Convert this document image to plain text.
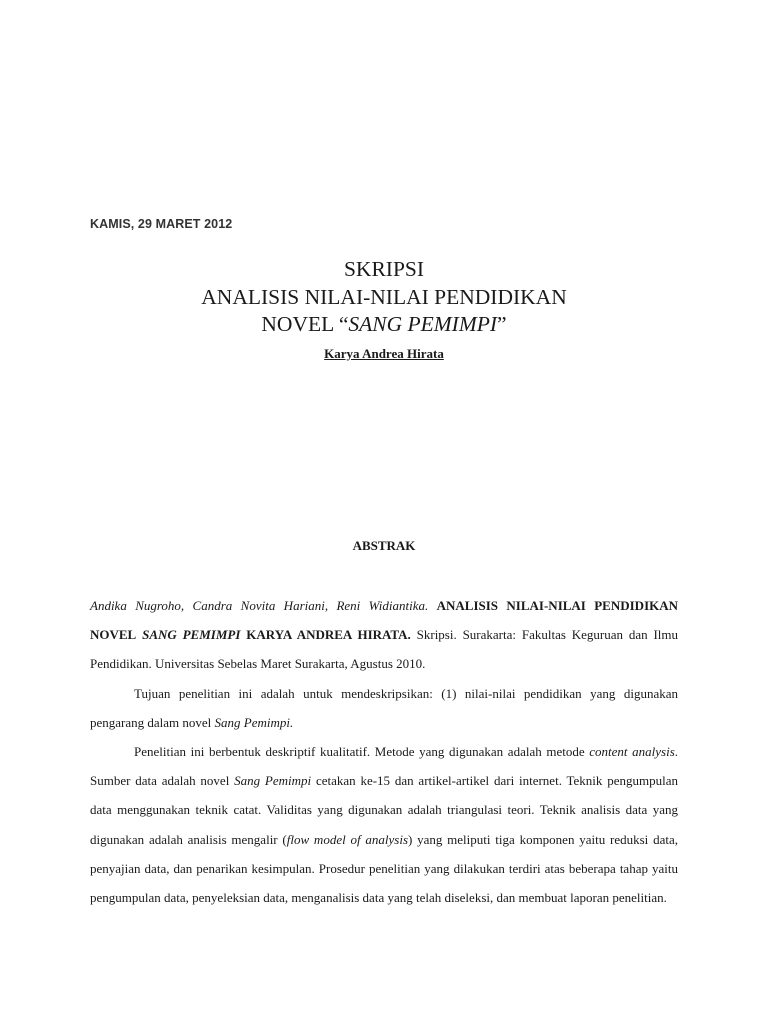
KAMIS, 29 MARET 2012
SKRIPSI
ANALISIS NILAI-NILAI PENDIDIKAN
NOVEL “SANG PEMIMPI”
Karya Andrea Hirata
ABSTRAK

Andika Nugroho, Candra Novita Hariani, Reni Widiantika. ANALISIS NILAI-NILAI PENDIDIKAN NOVEL SANG PEMIMPI KARYA ANDREA HIRATA. Skripsi. Surakarta: Fakultas Keguruan dan Ilmu Pendidikan. Universitas Sebelas Maret Surakarta, Agustus 2010.

Tujuan penelitian ini adalah untuk mendeskripsikan: (1) nilai-nilai pendidikan yang digunakan pengarang dalam novel Sang Pemimpi.

Penelitian ini berbentuk deskriptif kualitatif. Metode yang digunakan adalah metode content analysis. Sumber data adalah novel Sang Pemimpi cetakan ke-15 dan artikel-artikel dari internet. Teknik pengumpulan data menggunakan teknik catat. Validitas yang digunakan adalah triangulasi teori. Teknik analisis data yang digunakan adalah analisis mengalir (flow model of analysis) yang meliputi tiga komponen yaitu reduksi data, penyajian data, dan penarikan kesimpulan. Prosedur penelitian yang dilakukan terdiri atas beberapa tahap yaitu pengumpulan data, penyeleksian data, menganalisis data yang telah diseleksi, dan membuat laporan penelitian.
